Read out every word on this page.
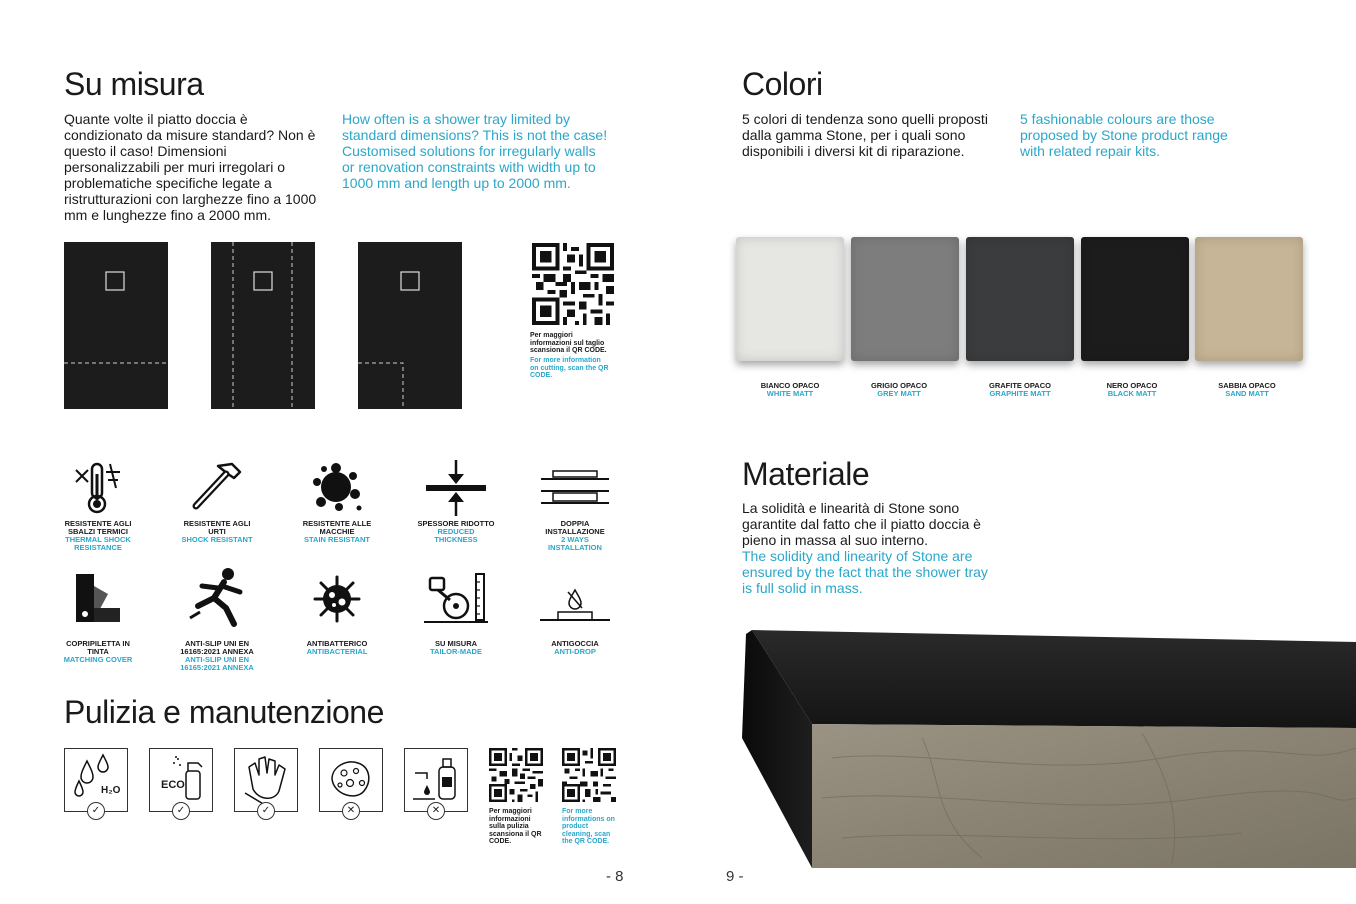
Su misura

Quante volte il piatto doccia è condizionato da misure standard? Non è questo il caso! Dimensioni personalizzabili per muri irregolari o problematiche specifiche legate a ristrutturazioni con larghezze fino a 1000 mm e lunghezze fino a 2000 mm.

How often is a shower tray limited by standard dimensions? This is not the case! Customised solutions for irregularly walls or renovation constraints with width up to 1000 mm and length up to 2000 mm.

Per maggiori informazioni sul taglio scansiona il QR CODE.

For more information on cutting, scan the QR CODE.

RESISTENTE AGLI SBALZI TERMICI

THERMAL SHOCK RESISTANCE

RESISTENTE AGLI URTI

SHOCK RESISTANT

RESISTENTE ALLE MACCHIE

STAIN RESISTANT

SPESSORE RIDOTTO

REDUCED THICKNESS

DOPPIA INSTALLAZIONE

2 WAYS INSTALLATION

COPRIPILETTA IN TINTA

MATCHING COVER

ANTI-SLIP UNI EN 16165:2021 ANNEXA

ANTI-SLIP UNI EN 16165:2021 ANNEXA

ANTIBATTERICO

ANTIBACTERIAL

SU MISURA

TAILOR-MADE

ANTIGOCCIA

ANTI-DROP

Pulizia e manutenzione
H₂O
✓
ECO
✓	✓	✕	✕	Per maggiori informazioni sulla pulizia scansiona il QR CODE.

For more informations on product cleaning, scan the QR CODE.

- 8
Colori

5 colori di tendenza sono quelli proposti dalla gamma Stone, per i quali sono disponibili i diversi kit di riparazione.

5 fashionable colours are those proposed by Stone product range with related repair kits.

BIANCO OPACO

WHITE MATT

GRIGIO OPACO

GREY MATT

GRAFITE OPACO

GRAPHITE MATT

NERO OPACO

BLACK MATT

SABBIA OPACO

SAND MATT

Materiale

La solidità e linearità di Stone sono garantite dal fatto che il piatto doccia è pieno in massa al suo interno.

The solidity and linearity of Stone are ensured by the fact that the shower tray is full solid in mass.

9 -
